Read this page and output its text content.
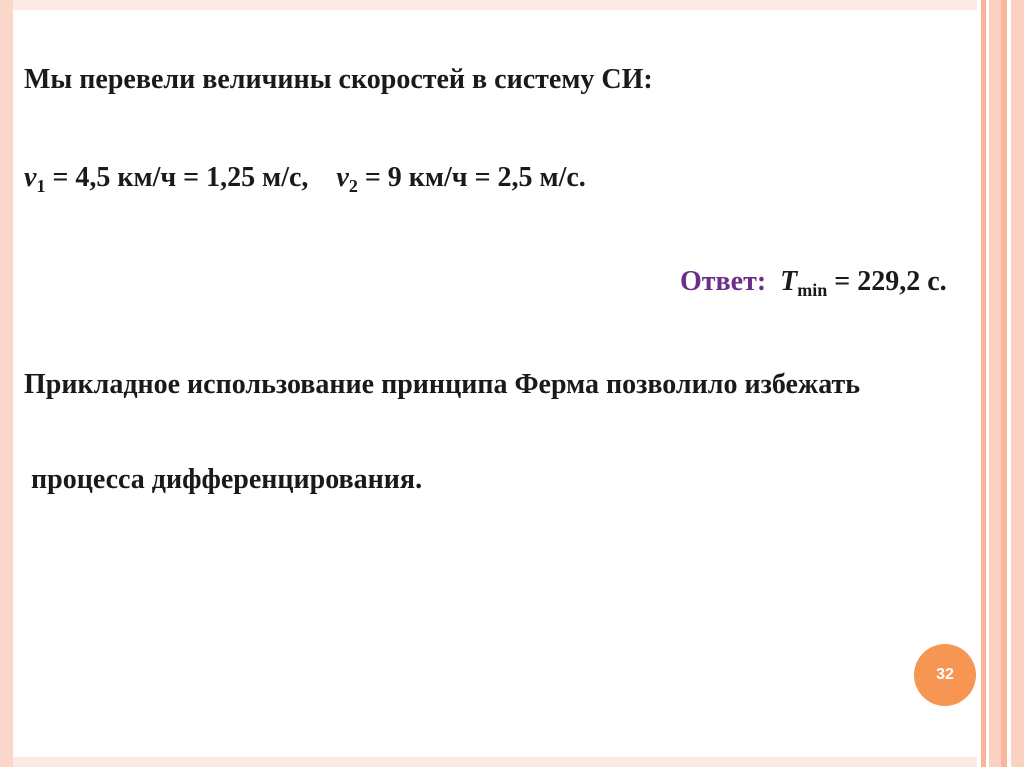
Мы перевели величины скоростей в систему СИ:

$v_1 = 4,5$ км/ч = 1,25 м/с, $v_2 = 9$ км/ч = 2,5 м/с.

Ответ: $T_{min} = 229,2$ с.

Прикладное использование принципа Ферма позволило избежать

процесса дифференцирования.

32
